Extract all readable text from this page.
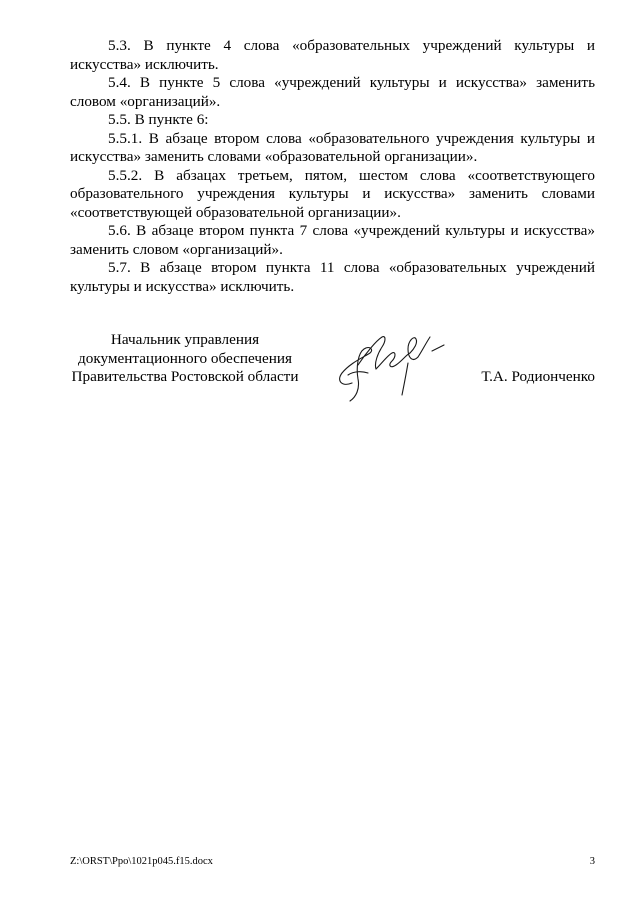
5.3. В пункте 4 слова «образовательных учреждений культуры и искусства» исключить.

5.4. В пункте 5 слова «учреждений культуры и искусства» заменить словом «организаций».

5.5. В пункте 6:

5.5.1. В абзаце втором слова «образовательного учреждения культуры и искусства» заменить словами «образовательной организации».

5.5.2. В абзацах третьем, пятом, шестом слова «соответствующего образовательного учреждения культуры и искусства» заменить словами «соответствующей образовательной организации».

5.6. В абзаце втором пункта 7 слова «учреждений культуры и искусства» заменить словом «организаций».

5.7. В абзаце втором пункта 11 слова «образовательных учреждений культуры и искусства» исключить.

Начальник управления
документационного обеспечения
Правительства Ростовской области	Т.А. Родионченко
Z:\ORST\Ppo\1021p045.f15.docx	3
